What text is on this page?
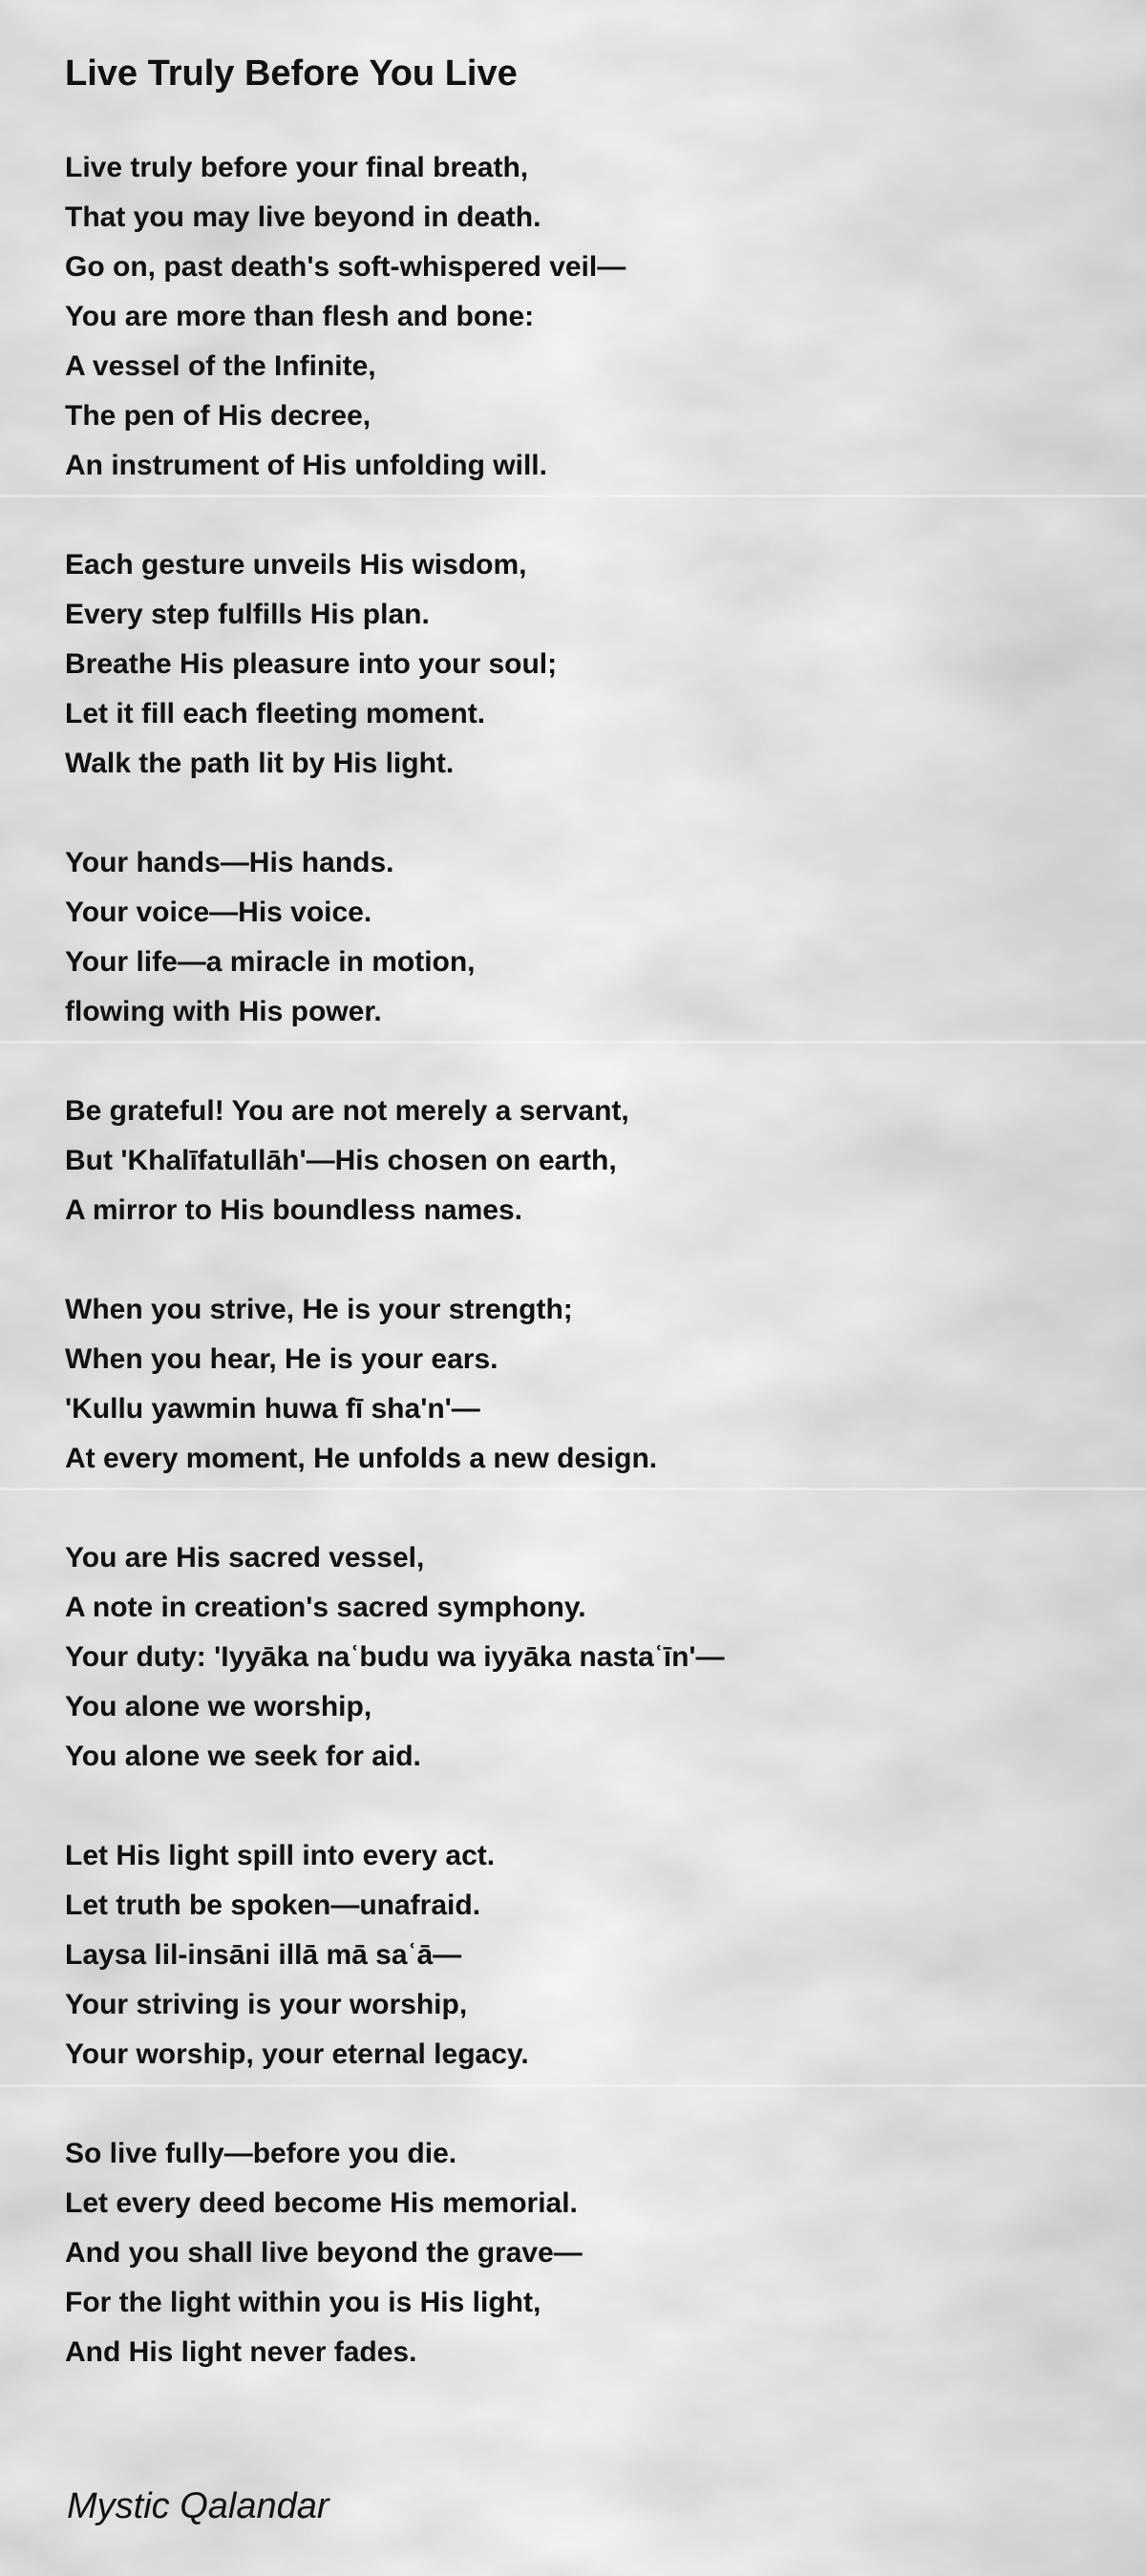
Live Truly Before You Live
Live truly before your final breath,
That you may live beyond in death.
Go on, past death's soft-whispered veil—
You are more than flesh and bone:
A vessel of the Infinite,
The pen of His decree,
An instrument of His unfolding will.
Each gesture unveils His wisdom,
Every step fulfills His plan.
Breathe His pleasure into your soul;
Let it fill each fleeting moment.
Walk the path lit by His light.
Your hands—His hands.
Your voice—His voice.
Your life—a miracle in motion,
flowing with His power.
Be grateful! You are not merely a servant,
But 'Khalīfatullāh'—His chosen on earth,
A mirror to His boundless names.
When you strive, He is your strength;
When you hear, He is your ears.
'Kullu yawmin huwa fī sha'n'—
At every moment, He unfolds a new design.
You are His sacred vessel,
A note in creation's sacred symphony.
Your duty: 'Iyyāka naʿbudu wa iyyāka nastaʿīn'—
You alone we worship,
You alone we seek for aid.
Let His light spill into every act.
Let truth be spoken—unafraid.
Laysa lil-insāni illā mā saʿā—
Your striving is your worship,
Your worship, your eternal legacy.
So live fully—before you die.
Let every deed become His memorial.
And you shall live beyond the grave—
For the light within you is His light,
And His light never fades.
Mystic Qalandar
